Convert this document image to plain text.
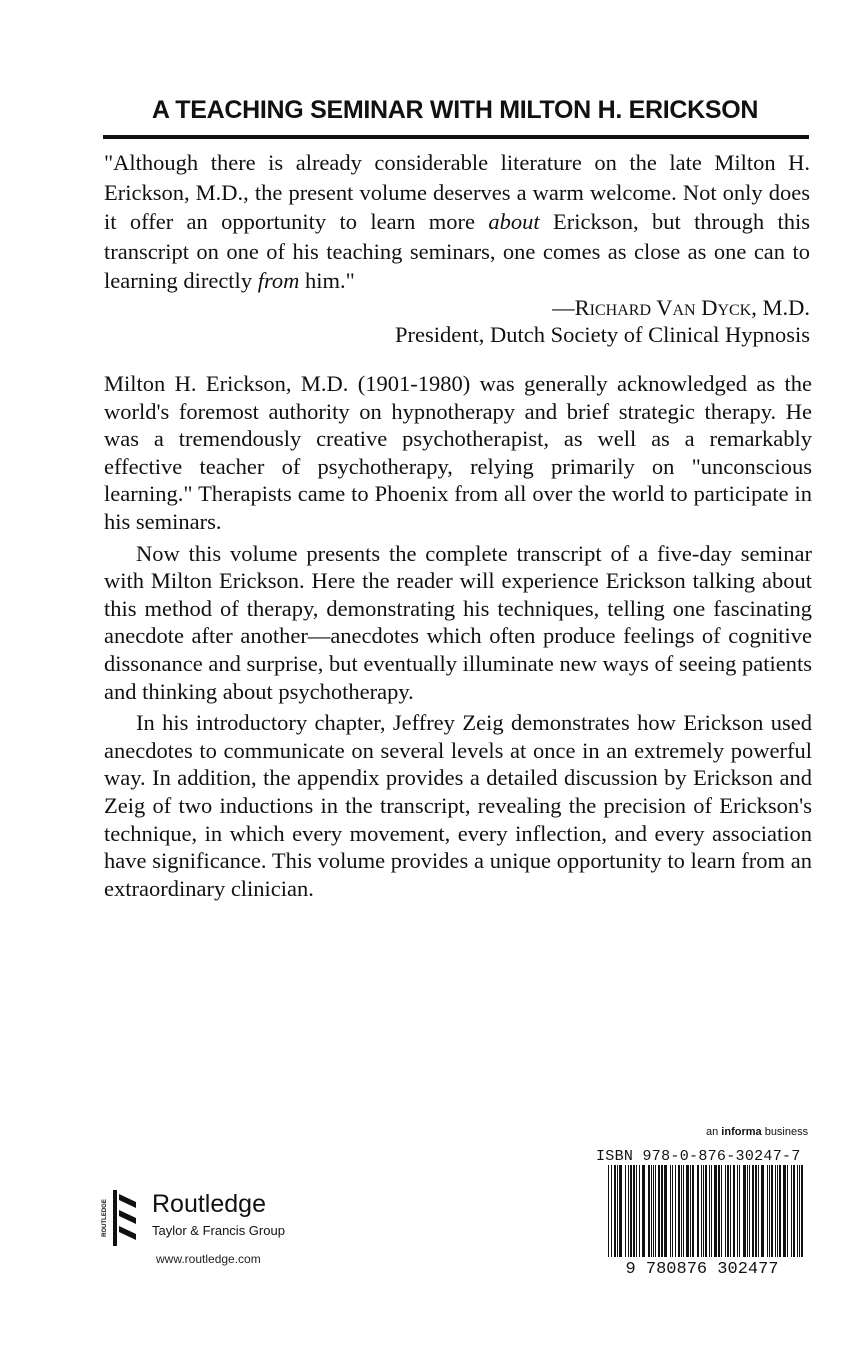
A TEACHING SEMINAR WITH MILTON H. ERICKSON

"Although there is already considerable literature on the late Milton H. Erickson, M.D., the present volume deserves a warm welcome. Not only does it offer an opportunity to learn more about Erickson, but through this transcript on one of his teaching seminars, one comes as close as one can to learning directly from him."

—Richard Van Dyck, M.D.
President, Dutch Society of Clinical Hypnosis

Milton H. Erickson, M.D. (1901-1980) was generally acknowledged as the world's foremost authority on hypnotherapy and brief strategic therapy. He was a tremendously creative psychotherapist, as well as a remarkably effective teacher of psychotherapy, relying primarily on "unconscious learning." Therapists came to Phoenix from all over the world to participate in his seminars.

Now this volume presents the complete transcript of a five-day seminar with Milton Erickson. Here the reader will experience Erickson talking about this method of therapy, demonstrating his techniques, telling one fascinating anecdote after another—anecdotes which often produce feelings of cognitive dissonance and surprise, but eventually illuminate new ways of seeing patients and thinking about psychotherapy.

In his introductory chapter, Jeffrey Zeig demonstrates how Erickson used anecdotes to communicate on several levels at once in an extremely powerful way. In addition, the appendix provides a detailed discussion by Erickson and Zeig of two inductions in the transcript, revealing the precision of Erickson's technique, in which every movement, every inflection, and every association have significance. This volume provides a unique opportunity to learn from an extraordinary clinician.

an informa business
ISBN 978-0-876-30247-7
9 780876 302477
ROUTLEDGE Routledge
Taylor & Francis Group
www.routledge.com
